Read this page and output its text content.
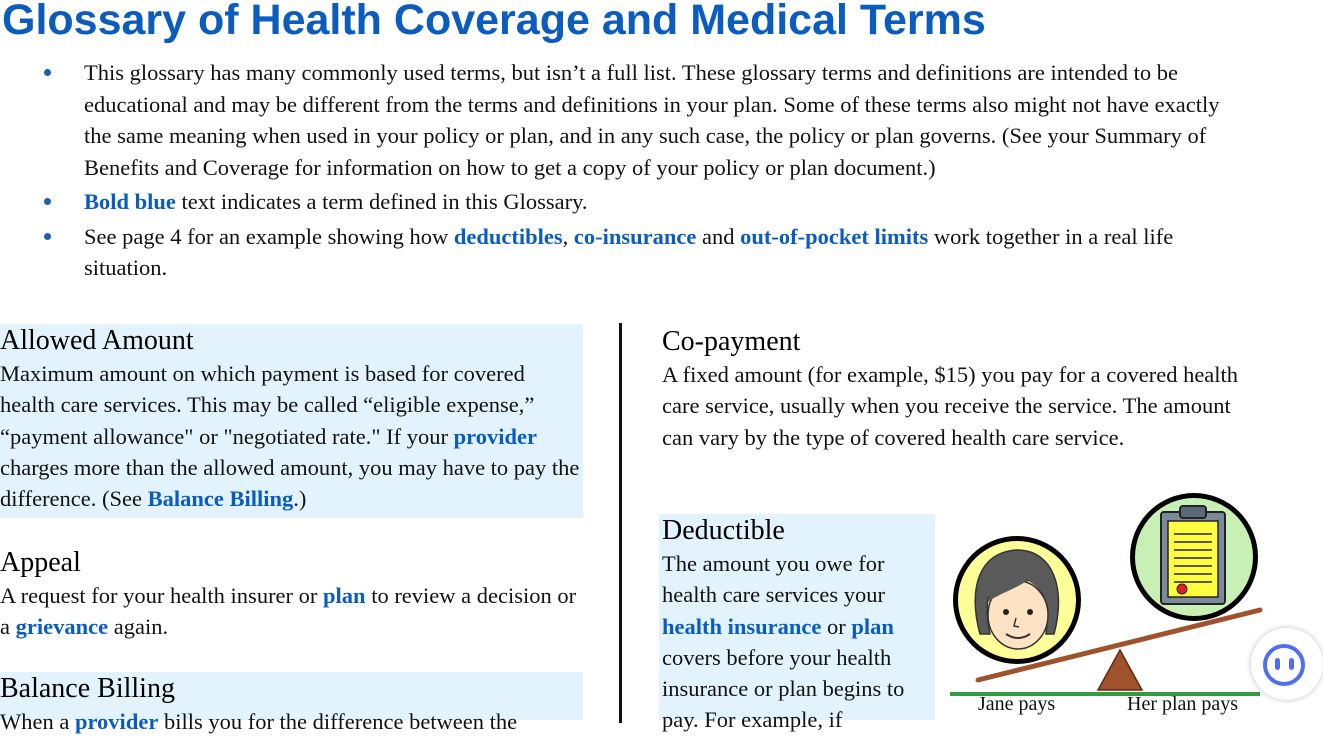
Glossary of Health Coverage and Medical Terms
This glossary has many commonly used terms, but isn’t a full list. These glossary terms and definitions are intended to be educational and may be different from the terms and definitions in your plan. Some of these terms also might not have exactly the same meaning when used in your policy or plan, and in any such case, the policy or plan governs. (See your Summary of Benefits and Coverage for information on how to get a copy of your policy or plan document.)
Bold blue text indicates a term defined in this Glossary.
See page 4 for an example showing how deductibles, co-insurance and out-of-pocket limits work together in a real life situation.
Allowed Amount

Maximum amount on which payment is based for covered health care services. This may be called “eligible expense,” “payment allowance" or "negotiated rate." If your provider charges more than the allowed amount, you may have to pay the difference. (See Balance Billing.)

Appeal

A request for your health insurer or plan to review a decision or a grievance again.

Balance Billing

When a provider bills you for the difference between the

Co-payment

A fixed amount (for example, $15) you pay for a covered health care service, usually when you receive the service. The amount can vary by the type of covered health care service.

Deductible

The amount you owe for health care services your health insurance or plan covers before your health insurance or plan begins to pay. For example, if

Jane pays	Her plan pays
